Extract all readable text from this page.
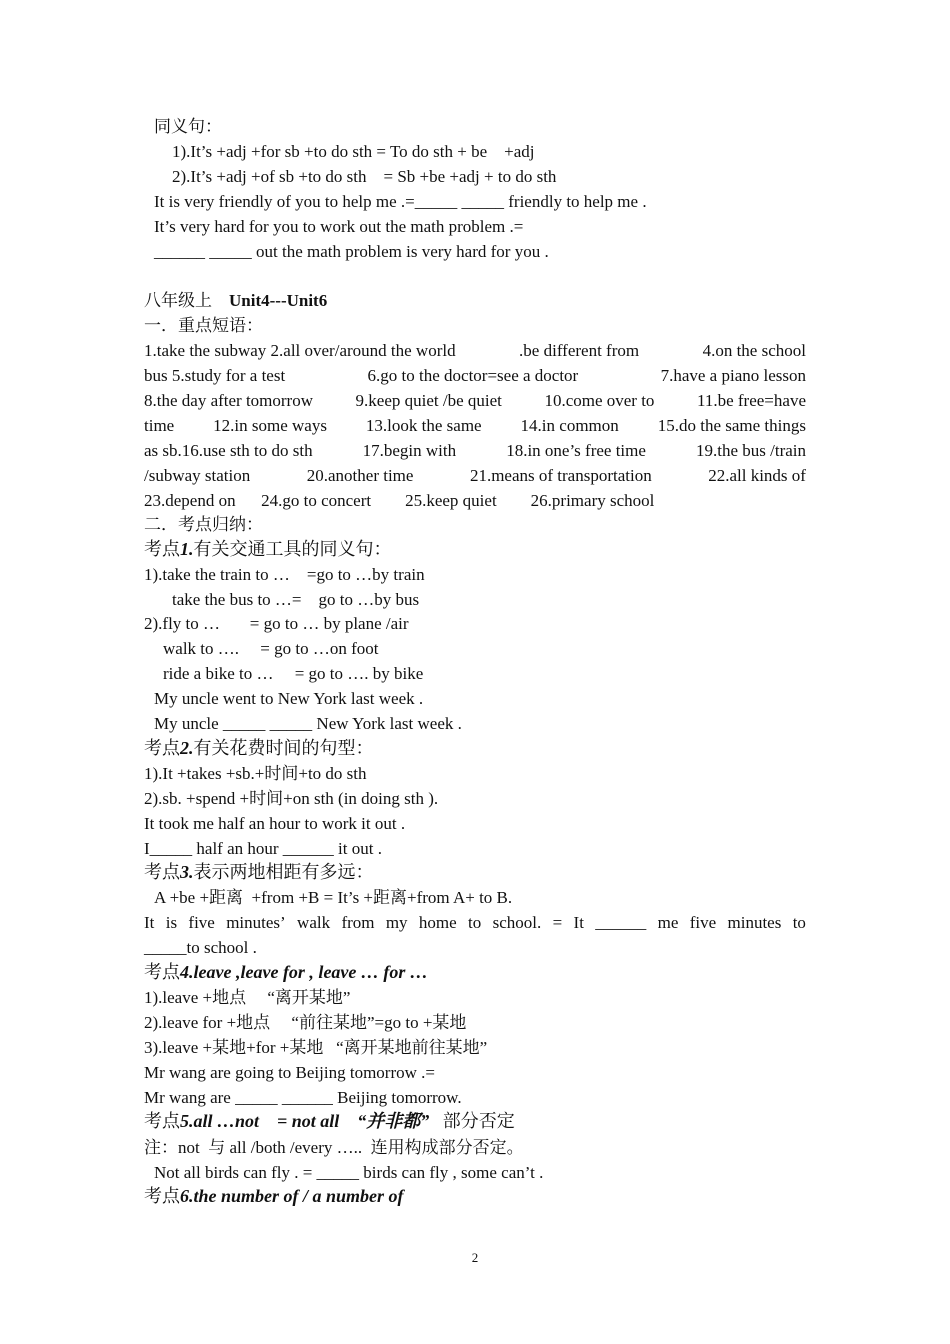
同义句：
1).It’s +adj +for sb +to do sth = To do sth + be    +adj
2).It’s +adj +of sb +to do sth    = Sb +be +adj + to do sth
It is very friendly of you to help me .=_____ _____ friendly to help me .
It’s very hard for you to work out the math problem .=
______ _____ out the math problem is very hard for you .
八年级上 Unit4---Unit6
一．重点短语：
1.take the subway 2.all over/around the world	.be different from	4.on the school
bus 5.study for a test	6.go to the doctor=see a doctor	7.have a piano lesson
8.the day after tomorrow	9.keep quiet /be quiet	10.come over to	11.be free=have
time 12.in some ways 13.look the same 14.in common 15.do the same things
as sb.16.use sth to do sth	17.begin with	18.in one’s free time	19.the bus /train
/subway station	20.another time	21.means of transportation	22.all kinds of
23.depend on      24.go to concert        25.keep quiet        26.primary school
二．考点归纳：
考点1.有关交通工具的同义句：
1).take the train to …    =go to …by train
take the bus to …=    go to …by bus
2).fly to …       = go to … by plane /air
walk to ….     = go to …on foot
ride a bike to …     = go to …. by bike
My uncle went to New York last week .
My uncle _____ _____ New York last week .
考点2.有关花费时间的句型：
1).It +takes +sb.+时间+to do sth
2).sb. +spend +时间+on sth (in doing sth ).
It took me half an hour to work it out .
I_____ half an hour ______ it out .
考点3.表示两地相距有多远：
A +be +距离  +from +B = It’s +距离+from A+ to B.
It is five minutes’ walk from my home to school. = It ______ me five minutes to
_____to school .
考点4.leave ,leave for , leave … for …
1).leave +地点     “离开某地”
2).leave for +地点     “前往某地”=go to +某地
3).leave +某地+for +某地   “离开某地前往某地”
Mr wang are going to Beijing tomorrow .=
Mr wang are _____ ______ Beijing tomorrow.
考点5.all …not    = not all    “并非都”   部分否定
注：not  与 all /both /every …..  连用构成部分否定。
Not all birds can fly . = _____ birds can fly , some can’t .
考点6.the number of / a number of
2
